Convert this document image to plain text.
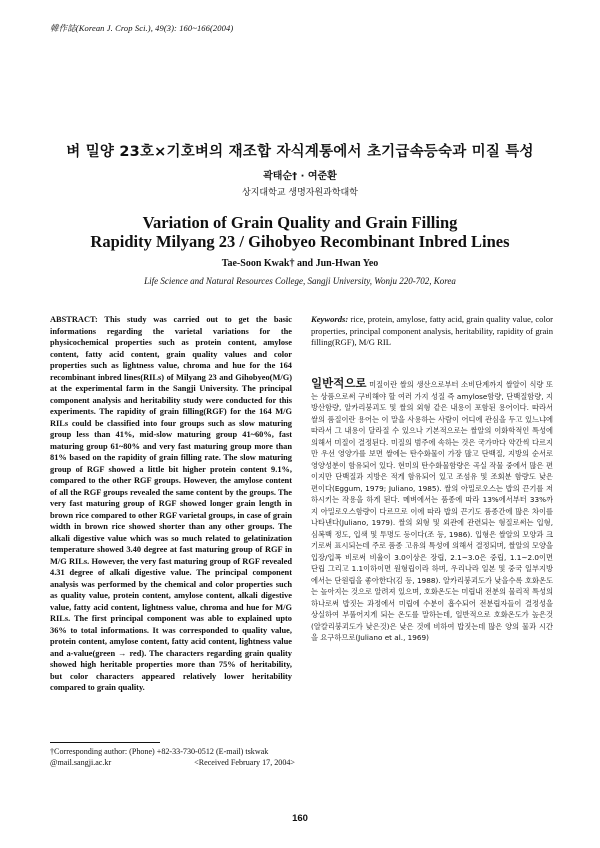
韓作誌(Korean J. Crop Sci.), 49(3): 160~166(2004)
벼 밀양 23호×기호벼의 재조합 자식계통에서 초기급속등숙과 미질 특성
곽태순† · 여준환
상지대학교 생명자원과학대학
Variation of Grain Quality and Grain Filling
Rapidity Milyang 23 / Gihobyeo Recombinant Inbred Lines
Tae-Soon Kwak† and Jun-Hwan Yeo
Life Science and Natural Resources College, Sangji University, Wonju 220-702, Korea
ABSTRACT: This study was carried out to get the basic informations regarding the varietal variations for the physicochemical properties such as protein content, amylose content, fatty acid content, grain quality values and color properties such as lightness value, chroma and hue for the 164 recombinant inbred lines(RILs) of Milyang 23 and Gihobyeo(M/G) at the experimental farm in the Sangji University. The principal component analysis and heritability study were conducted for this experiments. The rapidity of grain filling(RGF) for the 164 M/G RILs could be classified into four groups such as slow maturing group less than 41%, mid-slow maturing group 41~60%, fast maturing group 61~80% and very fast maturing group more than 81% based on the rapidity of grain filling rate. The slow maturing group of RGF showed a little bit higher protein content 9.1%, compared to the other RGF groups. However, the amylose content of all the RGF groups revealed the same content by the groups. The very fast maturing group of RGF showed longer grain length in brown rice compared to other RGF varietal groups, in case of grain width in brown rice showed shorter than any other groups. The alkali digestive value which was so much related to gelatinization temperature showed 3.40 degree at fast maturing group of RGF in M/G RILs. However, the very fast maturing group of RGF revealed 4.31 degree of alkali digestive value. The principal component analysis was performed by the chemical and color properties such as quality value, protein content, amylose content, alkali digestive value, fatty acid content, lightness value, chroma and hue for M/G RILs. The first principal component was able to explained upto 36% to total informations. It was corresponded to quality value, protein content, amylose content, fatty acid content, lightness value and a-value(green → red). The characters regarding grain quality showed high heritable properties more than 75% of heritability, but color characters appeared relatively lower heritability compared to grain quality.
†Corresponding author: (Phone) +82-33-730-0512 (E-mail) tskwak
@mail.sangji.ac.kr	<Received February 17, 2004>
Keywords: rice, protein, amylose, fatty acid, grain quality value, color properties, principal component analysis, heritability, rapidity of grain filling(RGF), M/G RIL
일반적으로 미질이란 쌀의 생산으로부터 소비단계까지 쌀알이 식량 또는 상품으로써 구비해야 할 여러 가지 성질 즉 amylose함량, 단백질함량, 지방산함량, 알카리붕괴도 및 쌀의 외형 같은 내용이 포함된 용어이다. 따라서 쌀의 품질이란 용어는 이 말을 사용하는 사람이 어디에 관심을 두고 있느냐에 따라서 그 내용이 달라질 수 있으나 기본적으로는 쌀알의 이화학적인 특성에 의해서 미질이 결정된다. 미질의 범주에 속하는 것은 국가마다 약간씩 다르지만 우선 영양가를 보면 쌀에는 탄수화물이 가장 많고 단백질, 지방의 순서로 영양성분이 함유되어 있다. 현미의 탄수화물함량은 곡실 작물 중에서 많은 편이지만 단백질과 지방은 적게 함유되어 있고 조섬유 및 조회분 함량도 낮은 편이다(Eggum, 1979; Juliano, 1985). 쌀의 아밀로오스는 밥의 끈기를 저하시키는 작용을 하게 된다. 메벼에서는 품종에 따라 13%에서부터 33%까지 아밀로오스함량이 다르므로 이에 따라 밥의 끈기도 품종간에 많은 차이를 나타낸다(Juliano, 1979). 쌀의 외형 및 외관에 관련되는 형질로써는 입형, 심복백 정도, 입색 및 투명도 등이다(조 등, 1986). 입형은 쌀알의 모양과 크기로써 표시되는데 주로 품종 고유의 특성에 의해서 결정되며, 쌀알의 모양을 입장/입폭 비로써 비율이 3.0이상은 장립, 2.1~3.0은 중립, 1.1~2.0이면 단립 그리고 1.1이하이면 원형립이라 하며, 우리나라 일본 및 중국 일부지방에서는 단원립을 좋아한다(김 등, 1988). 알카리붕괴도가 낮을수록 호화온도는 높아지는 것으로 알려져 있으며, 호화온도는 미립내 전분의 물리적 특성의 하나로써 밥짓는 과정에서 미립에 수분이 흡수되어 전분립자들이 결정성을 상실하여 부풀어지게 되는 온도를 말하는데, 일반적으로 호화온도가 높은것(알칼리붕괴도가 낮은것)은 낮은 것에 비하여 밥짓는데 많은 양의 물과 시간을 요구하므로(Juliano et al., 1969)
160
